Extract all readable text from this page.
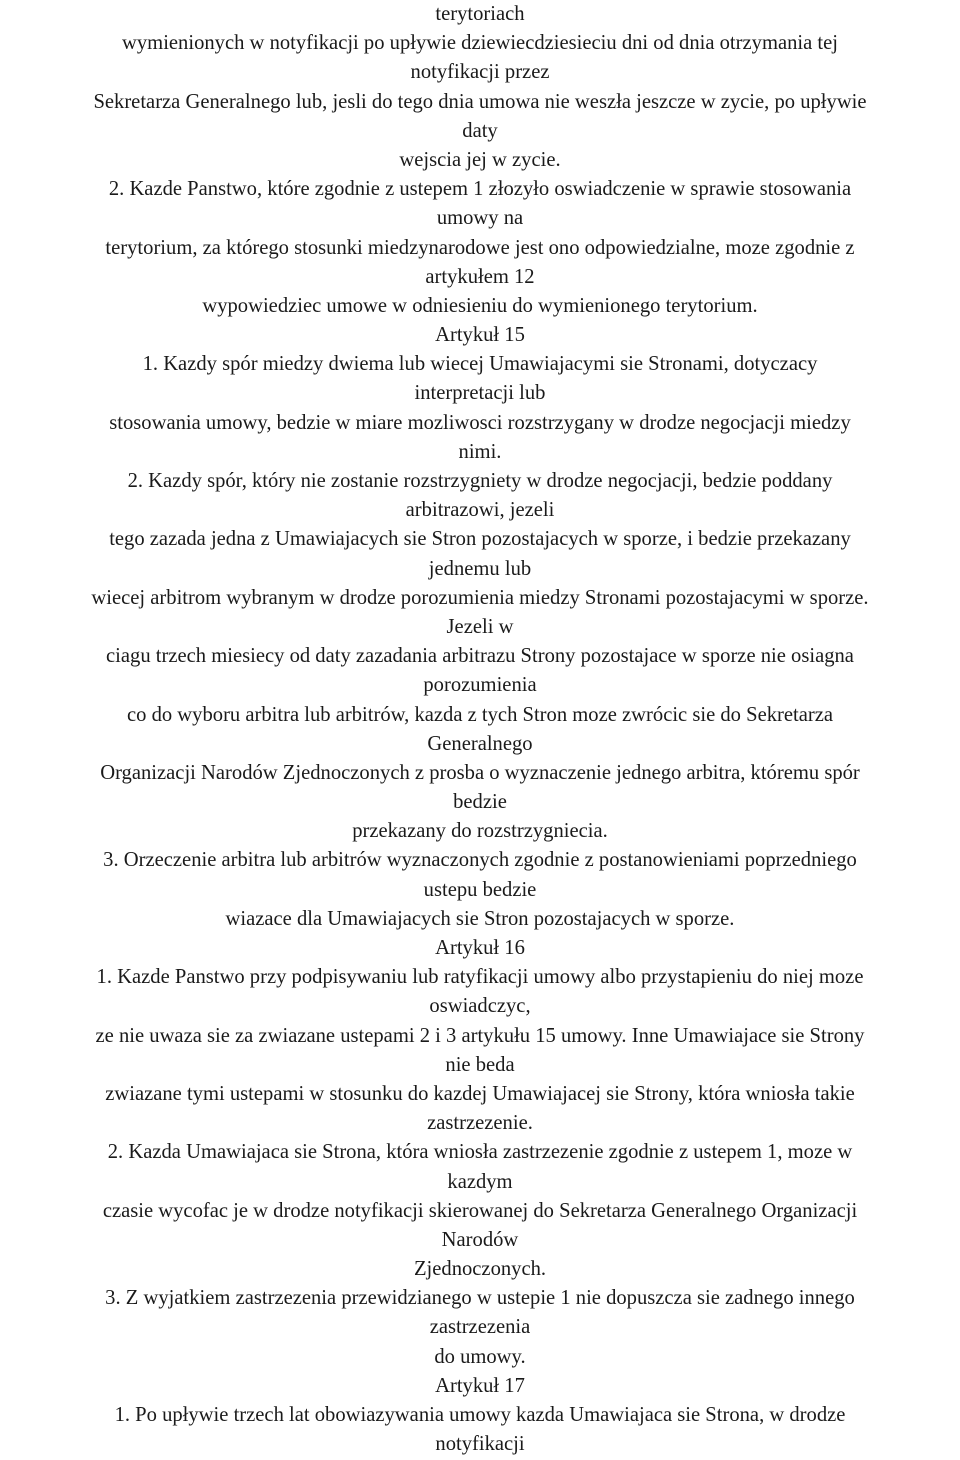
terytoriach
wymienionych w notyfikacji po upływie dziewiecdziesieciu dni od dnia otrzymania tej
notyfikacji przez
Sekretarza Generalnego lub, jesli do tego dnia umowa nie weszła jeszcze w zycie, po upływie
daty
wejscia jej w zycie.
2. Kazde Panstwo, które zgodnie z ustepem 1 złozyło oswiadczenie w sprawie stosowania
umowy na
terytorium, za którego stosunki miedzynarodowe jest ono odpowiedzialne, moze zgodnie z
artykułem 12
wypowiedziec umowe w odniesieniu do wymienionego terytorium.
Artykuł 15
1. Kazdy spór miedzy dwiema lub wiecej Umawiajacymi sie Stronami, dotyczacy
interpretacji lub
stosowania umowy, bedzie w miare mozliwosci rozstrzygany w drodze negocjacji miedzy
nimi.
2. Kazdy spór, który nie zostanie rozstrzygniety w drodze negocjacji, bedzie poddany
arbitrazowi, jezeli
tego zazada jedna z Umawiajacych sie Stron pozostajacych w sporze, i bedzie przekazany
jednemu lub
wiecej arbitrom wybranym w drodze porozumienia miedzy Stronami pozostajacymi w sporze.
Jezeli w
ciagu trzech miesiecy od daty zazadania arbitrazu Strony pozostajace w sporze nie osiagna
porozumienia
co do wyboru arbitra lub arbitrów, kazda z tych Stron moze zwrócic sie do Sekretarza
Generalnego
Organizacji Narodów Zjednoczonych z prosba o wyznaczenie jednego arbitra, któremu spór
bedzie
przekazany do rozstrzygniecia.
3. Orzeczenie arbitra lub arbitrów wyznaczonych zgodnie z postanowieniami poprzedniego
ustepu bedzie
wiazace dla Umawiajacych sie Stron pozostajacych w sporze.
Artykuł 16
1. Kazde Panstwo przy podpisywaniu lub ratyfikacji umowy albo przystapieniu do niej moze
oswiadczyc,
ze nie uwaza sie za zwiazane ustepami 2 i 3 artykułu 15 umowy. Inne Umawiajace sie Strony
nie beda
zwiazane tymi ustepami w stosunku do kazdej Umawiajacej sie Strony, która wniosła takie
zastrzezenie.
2. Kazda Umawiajaca sie Strona, która wniosła zastrzezenie zgodnie z ustepem 1, moze w
kazdym
czasie wycofac je w drodze notyfikacji skierowanej do Sekretarza Generalnego Organizacji
Narodów
Zjednoczonych.
3. Z wyjatkiem zastrzezenia przewidzianego w ustepie 1 nie dopuszcza sie zadnego innego
zastrzezenia
do umowy.
Artykuł 17
1. Po upływie trzech lat obowiazywania umowy kazda Umawiajaca sie Strona, w drodze
notyfikacji
